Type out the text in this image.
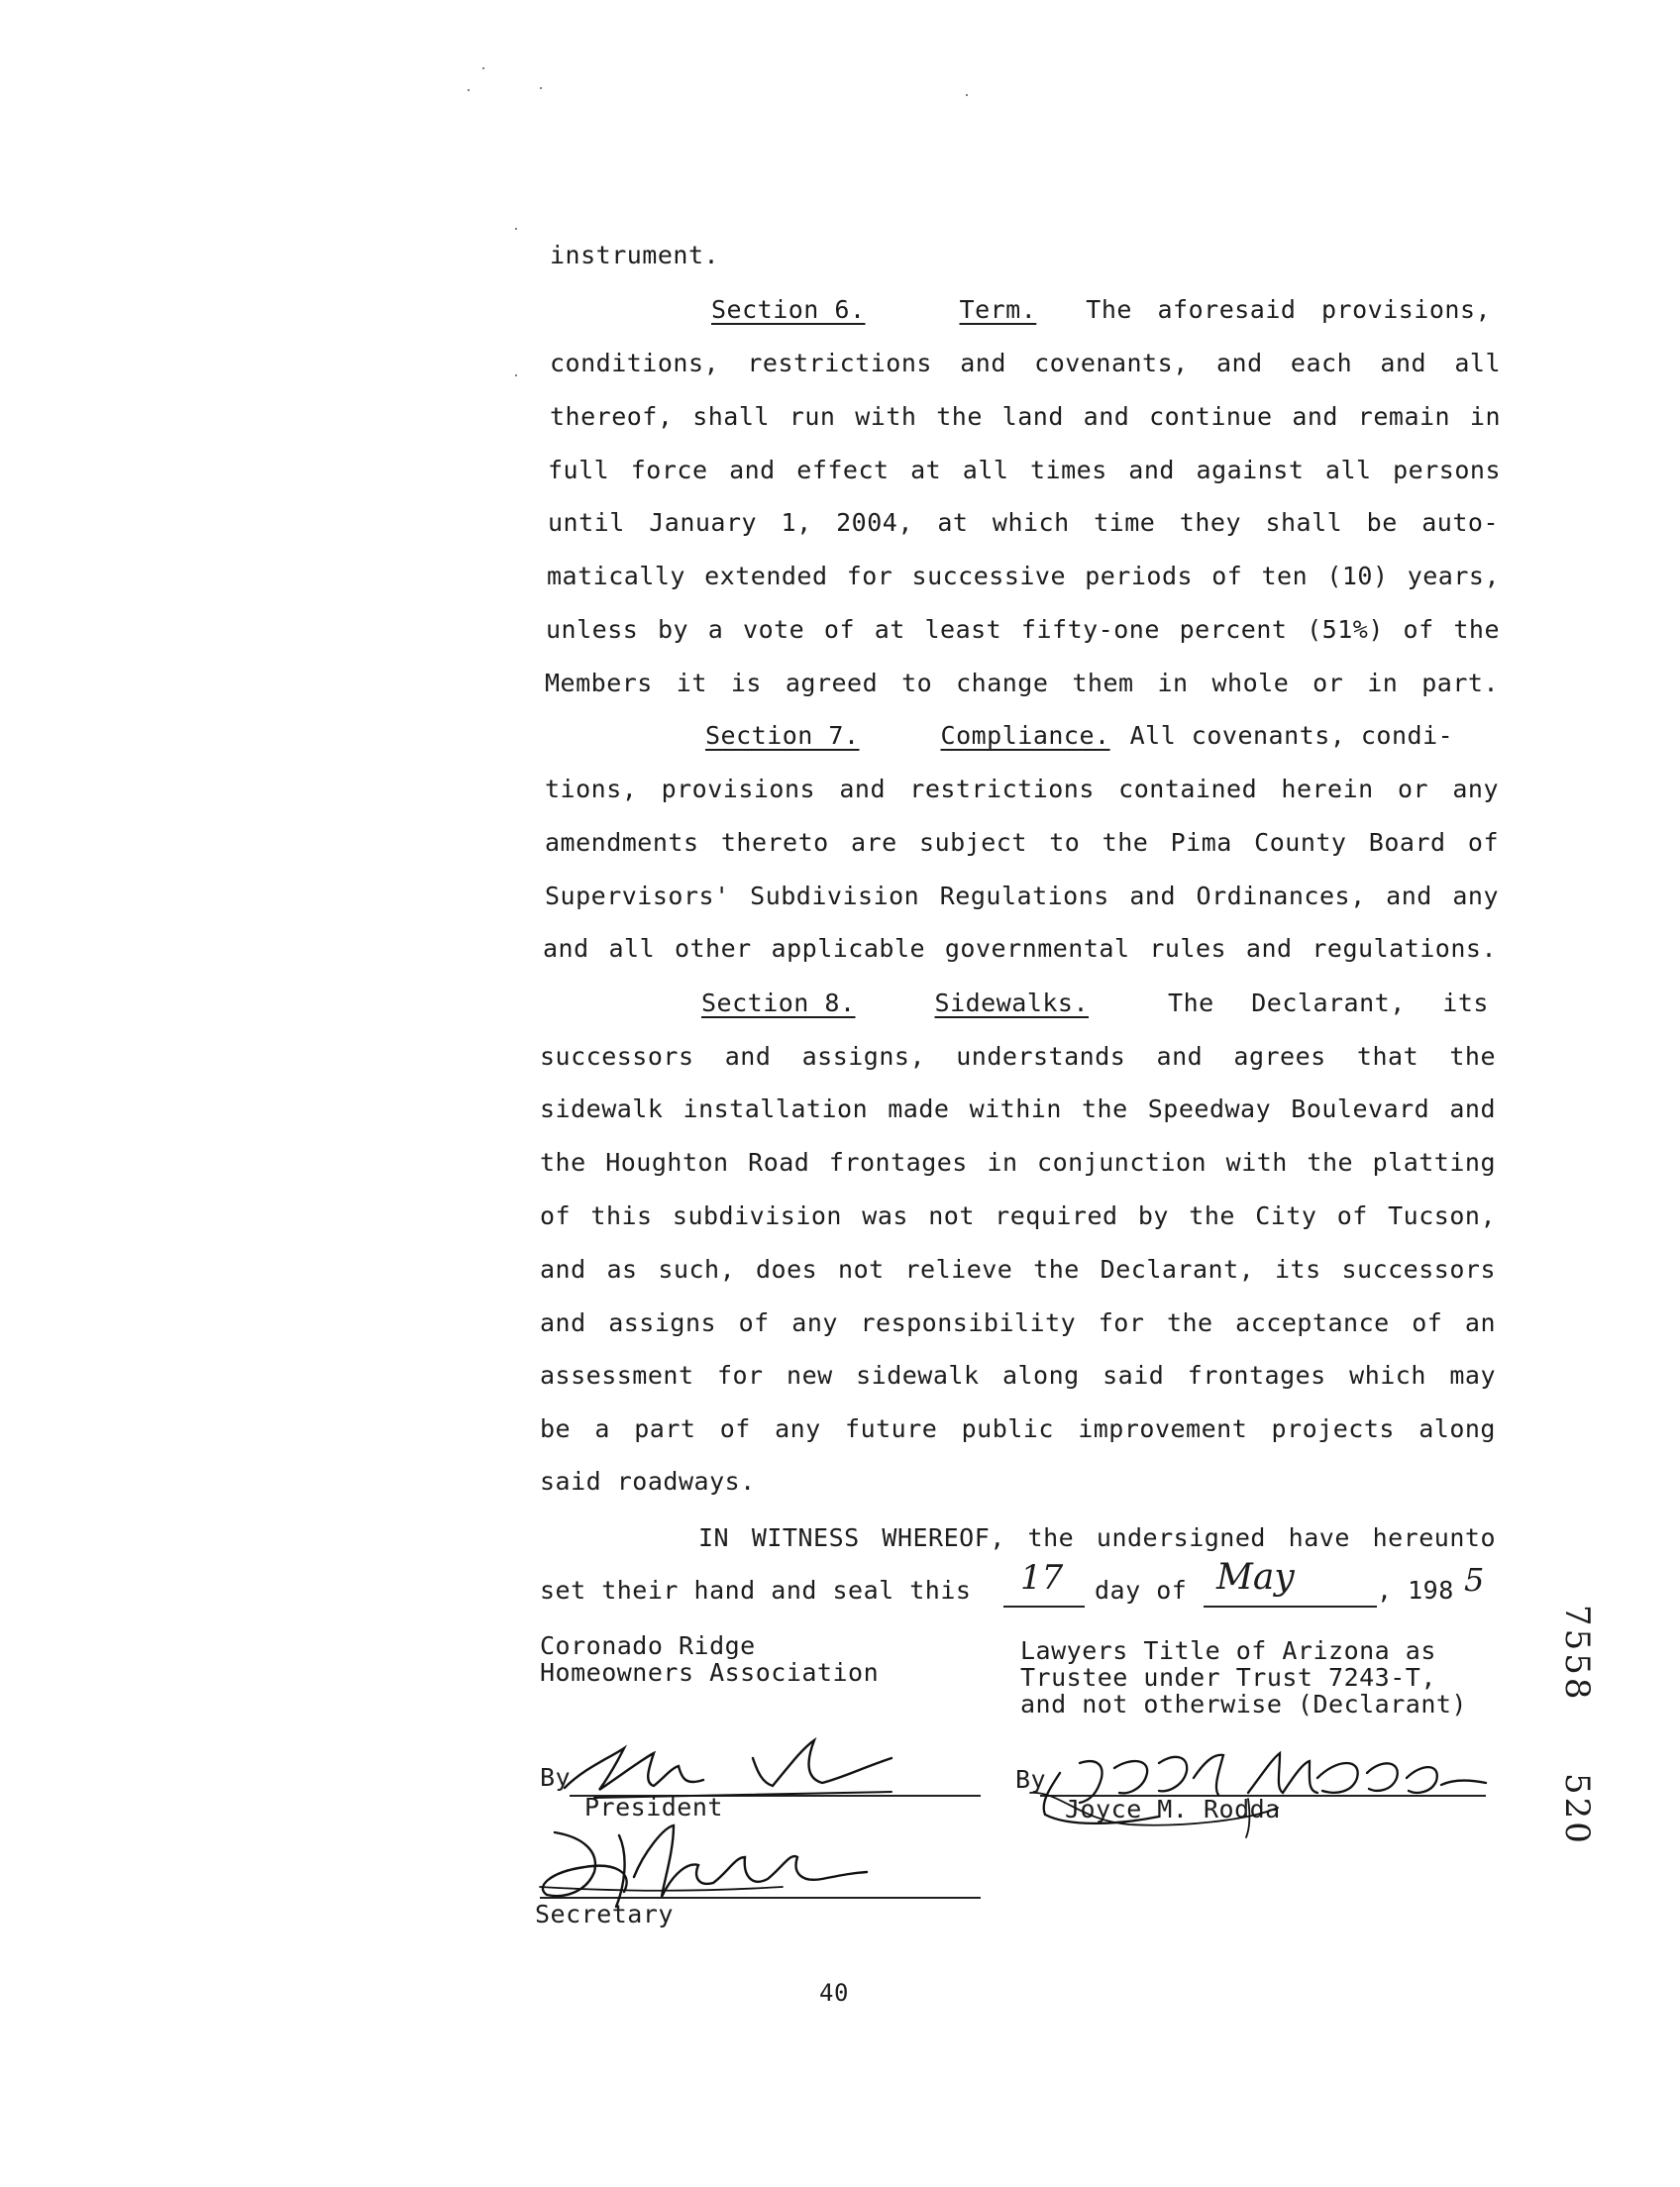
instrument.
Section 6.	Term. The aforesaid provisions,
conditions, restrictions and covenants, and each and all
thereof, shall run with the land and continue and remain in
full force and effect at all times and against all persons
until January 1, 2004, at which time they shall be auto-
matically extended for successive periods of ten (10) years,
unless by a vote of at least fifty-one percent (51%) of the
Members it is agreed to change them in whole or in part.
Section 7.	Compliance. All covenants, condi-
tions, provisions and restrictions contained herein or any
amendments thereto are subject to the Pima County Board of
Supervisors' Subdivision Regulations and Ordinances, and any
and all other applicable governmental rules and regulations.
Section 8.	Sidewalks.	The Declarant, its
successors and assigns, understands and agrees that the
sidewalk installation made within the Speedway Boulevard and
the Houghton Road frontages in conjunction with the platting
of this subdivision was not required by the City of Tucson,
and as such, does not relieve the Declarant, its successors
and assigns of any responsibility for the acceptance of an
assessment for new sidewalk along said frontages which may
be a part of any future public improvement projects along
said roadways.
IN WITNESS WHEREOF, the undersigned have hereunto
set their hand and seal this 17 day of May	, 198 5
Coronado Ridge
Homeowners Association
Lawyers Title of Arizona as
Trustee under Trust 7243-T,
and not otherwise (Declarant)
By
President
Secretary
By
Joyce M. Rodda
40
7558
520
